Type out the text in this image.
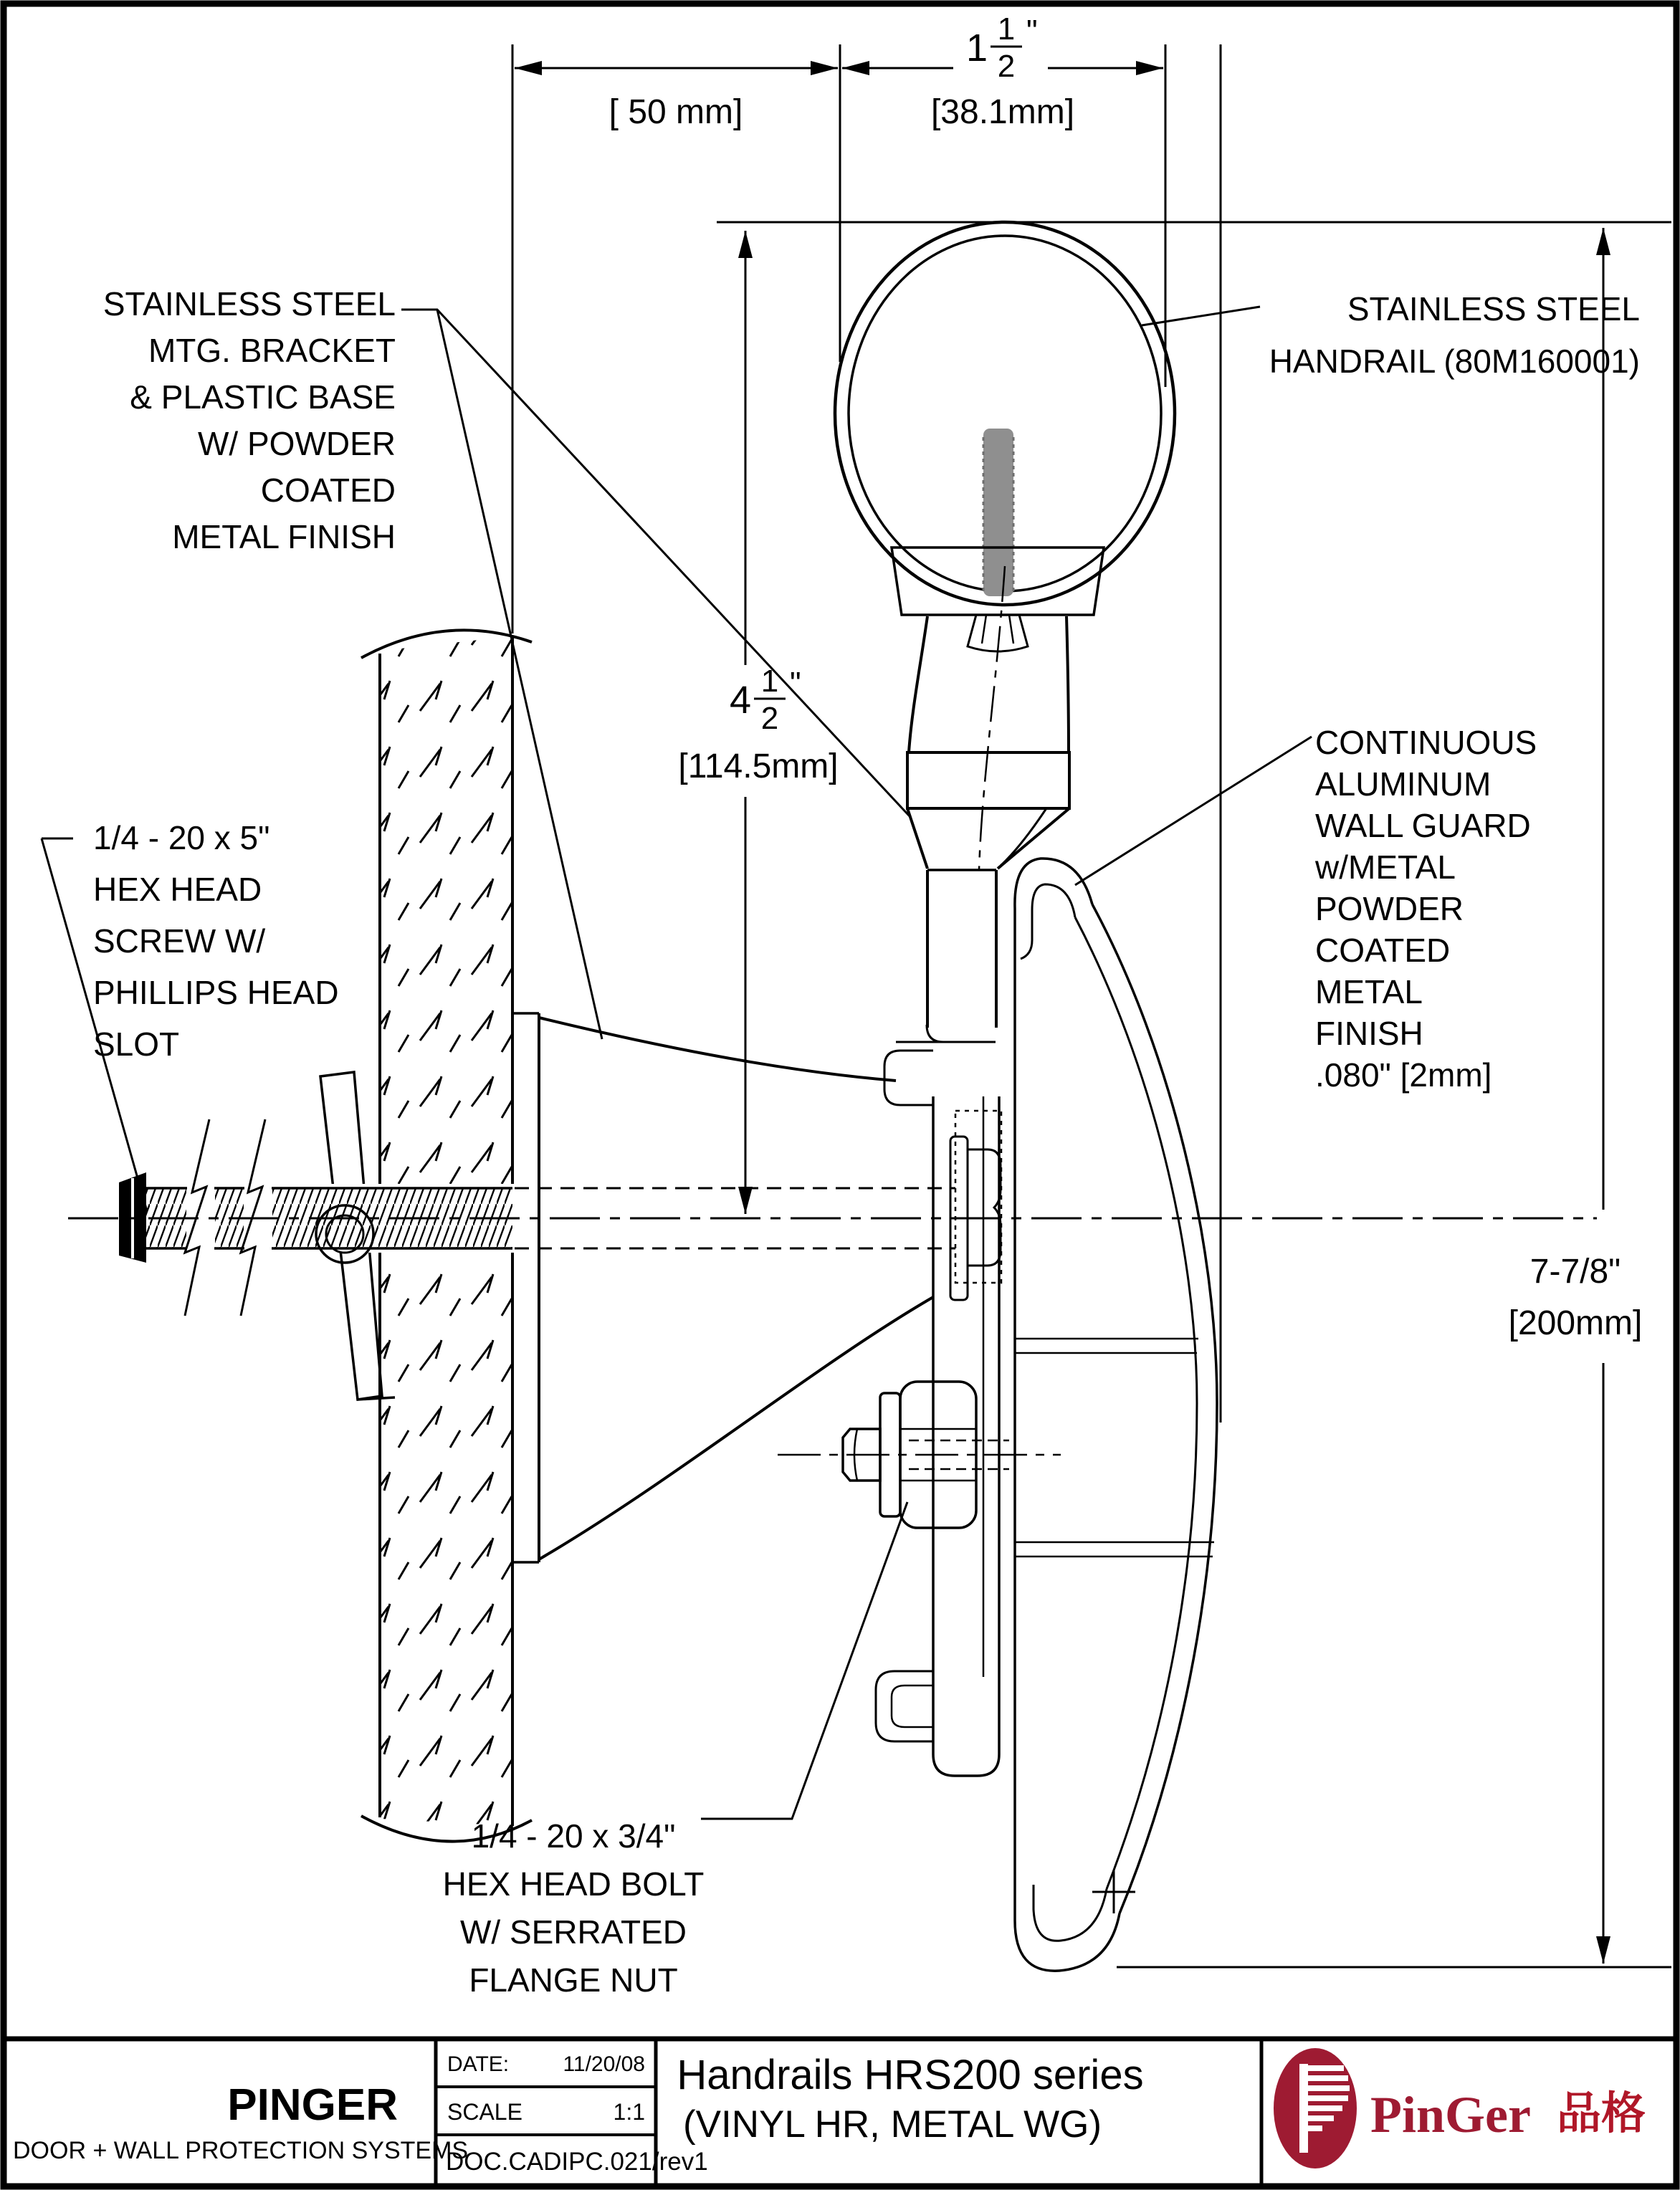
[ 50 mm]
1 1
2
"
[38.1mm]
4 1
2
"
[114.5mm]
7-7/8"
[200mm]
STAINLESS STEEL
MTG. BRACKET
& PLASTIC BASE
W/ POWDER
COATED
METAL FINISH
STAINLESS STEEL
HANDRAIL (80M160001)
CONTINUOUS
ALUMINUM
WALL GUARD
w/METAL
POWDER
COATED
METAL
FINISH
.080" [2mm]
1/4 - 20 x 5"
HEX HEAD
SCREW W/
PHILLIPS HEAD
SLOT
1/4 - 20 x 3/4"
HEX HEAD BOLT
W/ SERRATED
FLANGE NUT
PINGER
DOOR + WALL PROTECTION SYSTEMS
DATE:	11/20/08
SCALE	1:1
DOC.CADIPC.021/rev1
Handrails HRS200 series
(VINYL HR, METAL WG)	PinGer 品格
